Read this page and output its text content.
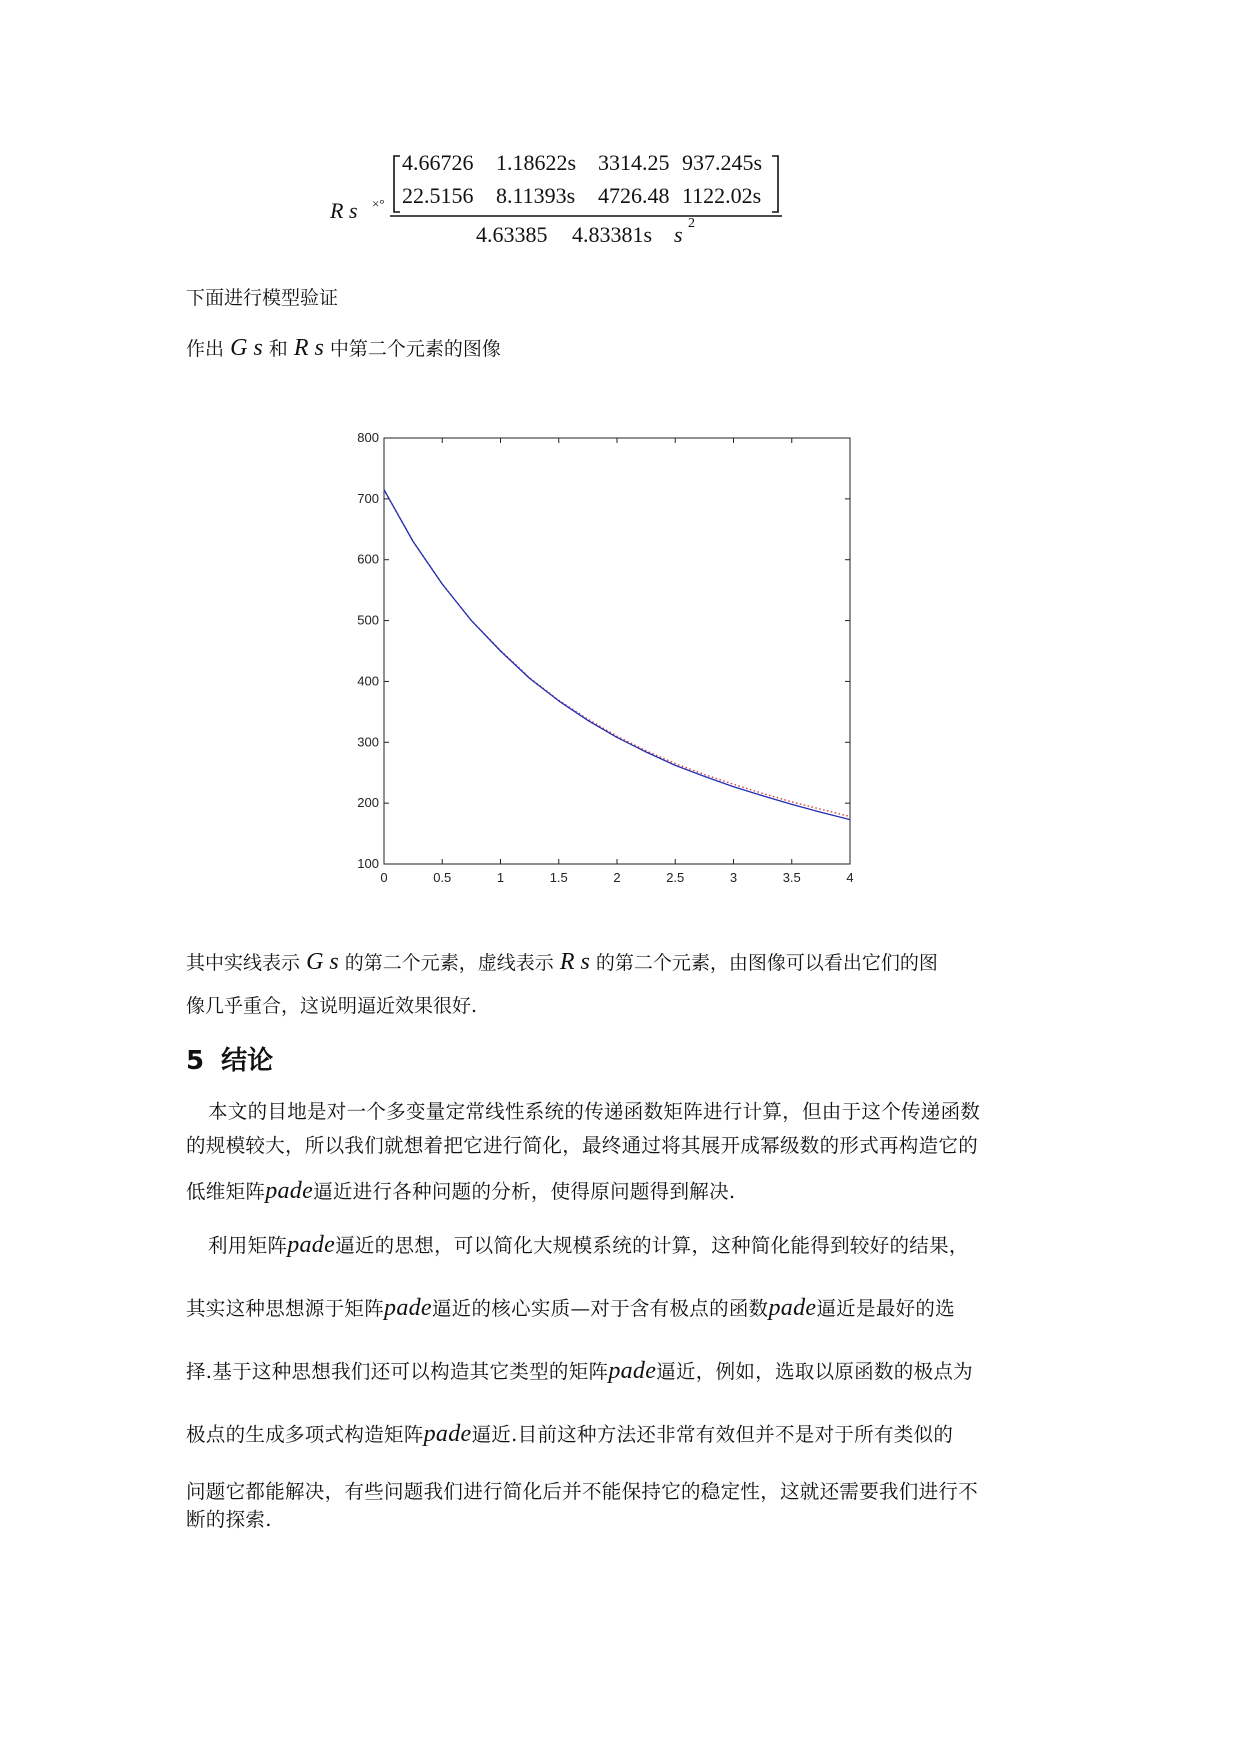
R s ×°
4.66726 1.18622s 3314.25 937.245s
22.5156 8.11393s 4726.48 1122.02s
4.63385 4.83381s s 2
下面进行模型验证
作出 G s 和 R s 中第二个元素的图像
0	0.5	1	1.5	2	2.5	3	3.5	4
100
200
300
400
500
600
700
800
其中实线表示 G s 的第二个元素，虚线表示 R s 的第二个元素，由图像可以看出它们的图
像几乎重合，这说明逼近效果很好.
5 结论

本文的目地是对一个多变量定常线性系统的传递函数矩阵进行计算，但由于这个传递函数

的规模较大，所以我们就想着把它进行简化，最终通过将其展开成幂级数的形式再构造它的

低维矩阵pade逼近进行各种问题的分析，使得原问题得到解决.

利用矩阵pade逼近的思想，可以简化大规模系统的计算，这种简化能得到较好的结果，

其实这种思想源于矩阵pade逼近的核心实质—对于含有极点的函数pade逼近是最好的选

择.基于这种思想我们还可以构造其它类型的矩阵pade逼近，例如，选取以原函数的极点为

极点的生成多项式构造矩阵pade逼近.目前这种方法还非常有效但并不是对于所有类似的

问题它都能解决，有些问题我们进行简化后并不能保持它的稳定性，这就还需要我们进行不

断的探索.
